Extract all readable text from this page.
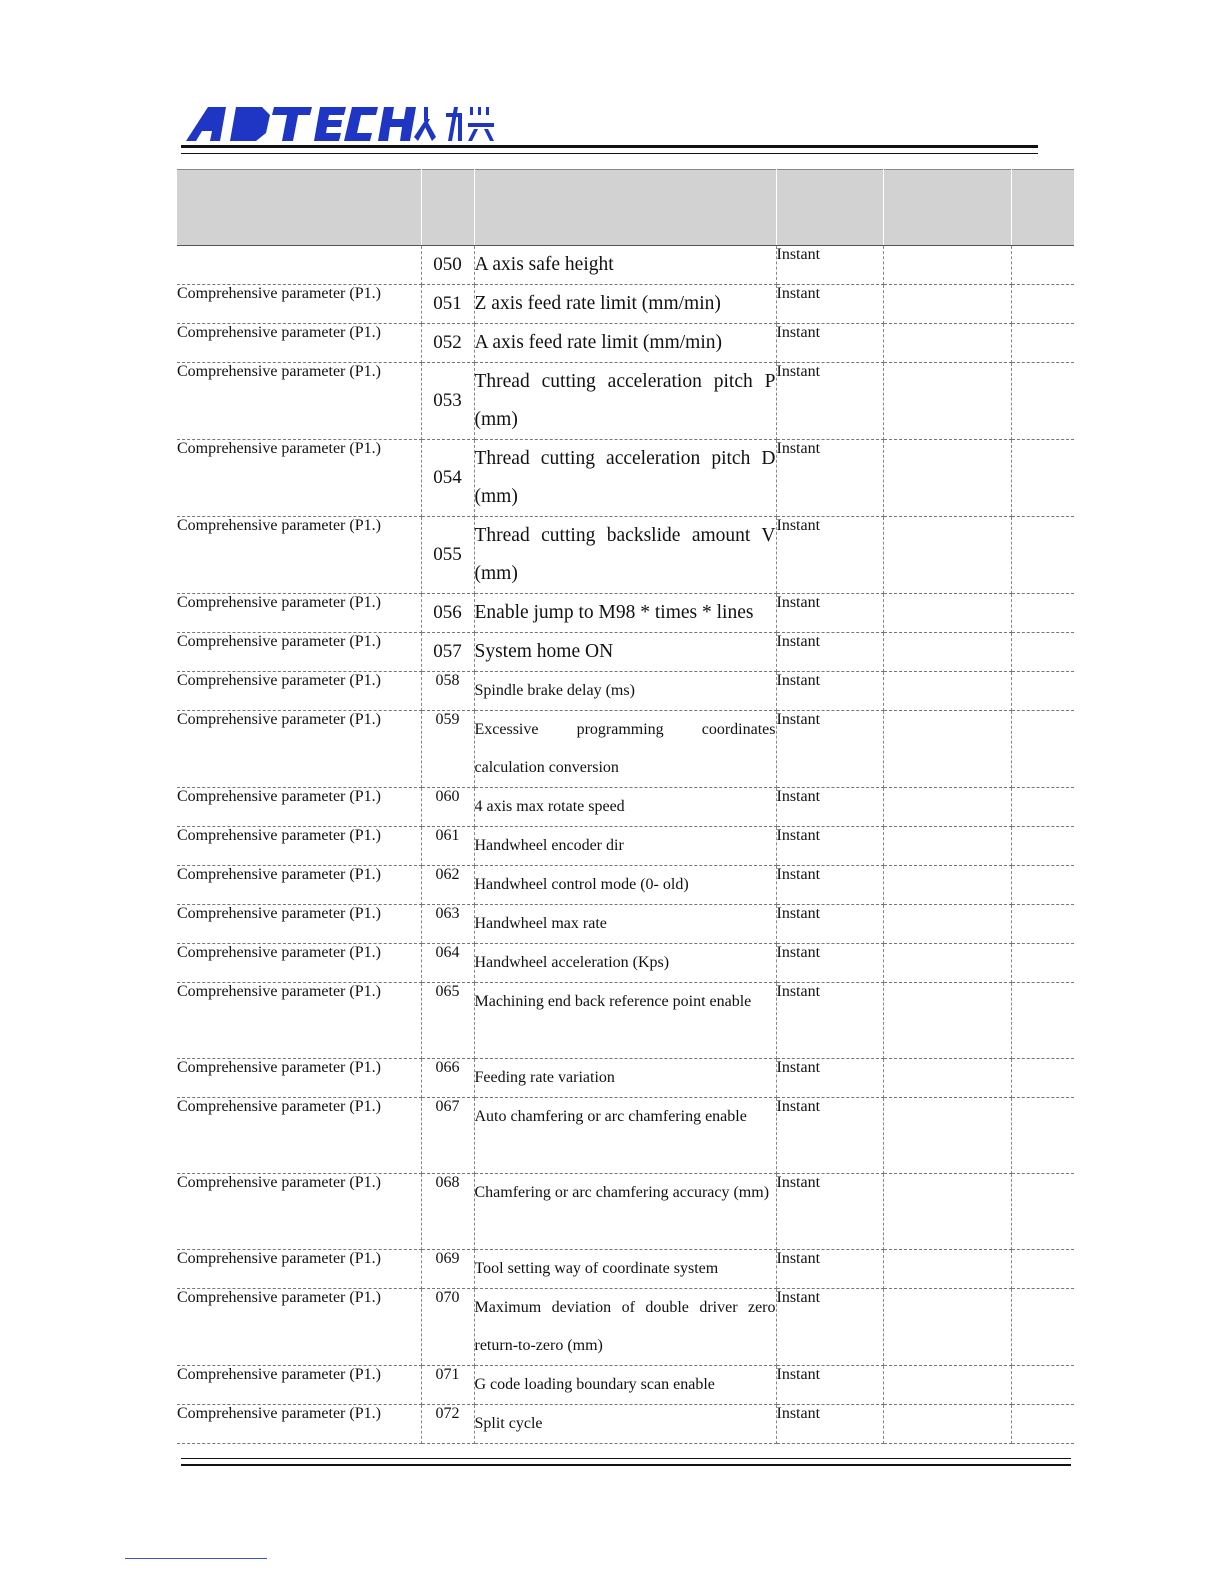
	050	A axis safe height	Instant		
Comprehensive parameter (P1.)	051	Z axis feed rate limit (mm/min)	Instant		
Comprehensive parameter (P1.)	052	A axis feed rate limit (mm/min)	Instant		
Comprehensive parameter (P1.)	053	Thread cutting acceleration pitch P (mm)	Instant		
Comprehensive parameter (P1.)	054	Thread cutting acceleration pitch D (mm)	Instant		
Comprehensive parameter (P1.)	055	Thread cutting backslide amount V (mm)	Instant		
Comprehensive parameter (P1.)	056	Enable jump to M98 * times * lines	Instant		
Comprehensive parameter (P1.)	057	System home ON	Instant		
Comprehensive parameter (P1.)	058	Spindle brake delay (ms)	Instant		
Comprehensive parameter (P1.)	059	Excessive programming coordinates calculation conversion	Instant		
Comprehensive parameter (P1.)	060	4 axis max rotate speed	Instant		
Comprehensive parameter (P1.)	061	Handwheel encoder dir	Instant		
Comprehensive parameter (P1.)	062	Handwheel control mode (0- old)	Instant		
Comprehensive parameter (P1.)	063	Handwheel max rate	Instant		
Comprehensive parameter (P1.)	064	Handwheel acceleration (Kps)	Instant		
Comprehensive parameter (P1.)	065	Machining end back reference point enable	Instant		
Comprehensive parameter (P1.)	066	Feeding rate variation	Instant		
Comprehensive parameter (P1.)	067	Auto chamfering or arc chamfering enable	Instant		
Comprehensive parameter (P1.)	068	Chamfering or arc chamfering accuracy (mm)	Instant		
Comprehensive parameter (P1.)	069	Tool setting way of coordinate system	Instant		
Comprehensive parameter (P1.)	070	Maximum deviation of double driver zero return-to-zero (mm)	Instant		
Comprehensive parameter (P1.)	071	G code loading boundary scan enable	Instant		
Comprehensive parameter (P1.)	072	Split cycle	Instant		
